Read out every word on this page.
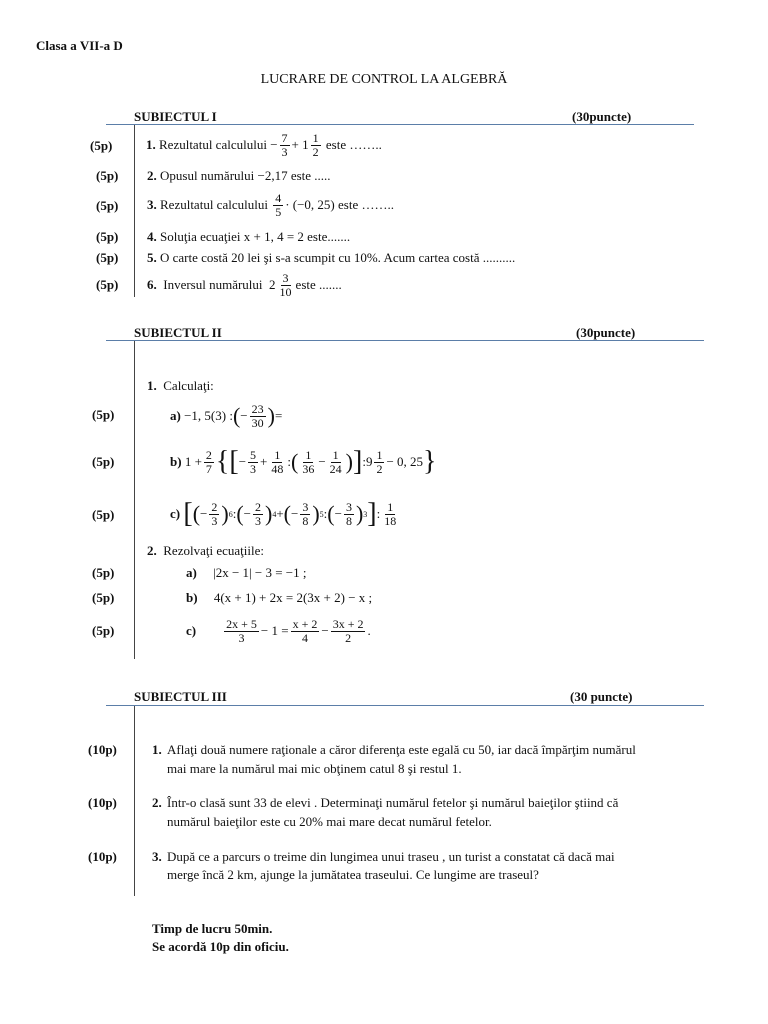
Clasa a VII-a D
LUCRARE DE CONTROL LA ALGEBRĂ
SUBIECTUL I	(30puncte)
(5p)	1.
Rezultatul calculului
− $\frac{7}{3} + 1 \frac{1}{2}$
este ……..
(5p) 2.
Opusul numărului −2,17 este .....
(5p) 3.
Rezultatul calculului
$\frac{4}{5} \cdot (-0$, 25)
este ……..
(5p) 4.
Soluţia ecuaţiei x + 1, 4 = 2 este.......
(5p) 5.
O carte costă 20 lei şi s-a scumpit cu 10%. Acum cartea costă ..........
(5p) 6.
Inversul numărului
$2 \frac{3}{10}$ este .......
SUBIECTUL II	(30puncte)
1.
Calculaţi:
(5p)	a)
−1, 5(3) : ( − $\frac{23}{30}$ ) =
(5p)	b)
$1 + \frac{2}{7}$ { [ − $\frac{5}{3} + \frac{1}{48}$ : ( $\frac{1}{36} - \frac{1}{24}$ ) ] : $9 \frac{1}{2} - 0$, 25 }
(5p)	c)
[ ( − $\frac{2}{3}$ ) 6 : ( − $\frac{2}{3}$ ) 4 + ( − $\frac{3}{8}$ ) 5 : ( − $\frac{3}{8}$ ) 3 ] : $\frac{1}{18}$
2.
Rezolvaţi ecuaţiile:
(5p)	a)
|2x − 1| − 3 = −1 ;
(5p)	b)
4(x + 1) + 2x = 2(3x + 2) − x ;
(5p)	c)
$\frac{2x + 5}{3} - 1 = \frac{x + 2}{4} - \frac{3x + 2}{2}$ .
SUBIECTUL III	(30 puncte)
(10p)	1. Aflaţi două numere raţionale a căror diferenţa este egală cu 50, iar dacă împărţim numărul
mai mare la numărul mai mic obţinem catul 8 şi restul 1.
(10p)	2. Într-o clasă sunt 33 de elevi . Determinaţi numărul fetelor şi numărul baieţilor ştiind că
numărul baieţilor este cu 20% mai mare decat numărul fetelor.
(10p)	3. După ce a parcurs o treime din lungimea unui traseu , un turist a constatat că dacă mai
merge încă 2 km, ajunge la jumătatea traseului. Ce lungime are traseul?
Timp de lucru 50min.
Se acordă 10p din oficiu.
